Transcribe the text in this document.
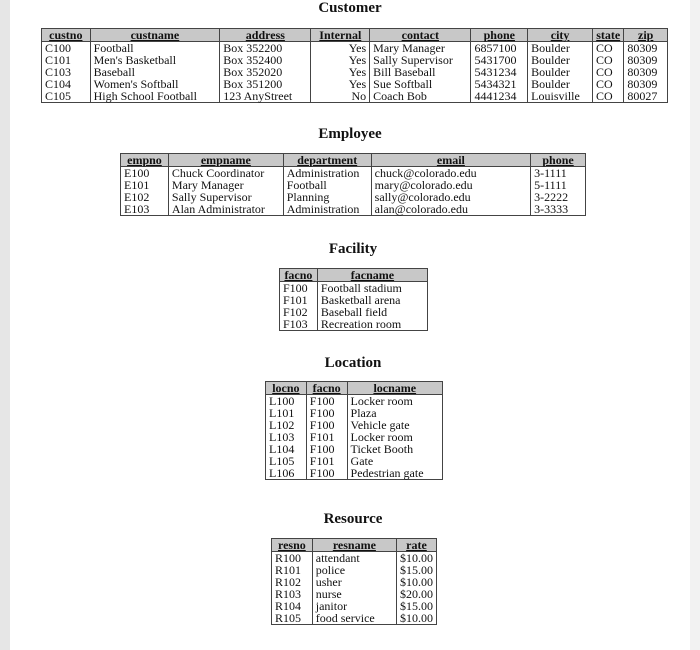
Customer
custno	custname	address	Internal	contact	phone	city	state	zip
C100	Football	Box 352200	Yes	Mary Manager	6857100	Boulder	CO	80309
C101	Men's Basketball	Box 352400	Yes	Sally Supervisor	5431700	Boulder	CO	80309
C103	Baseball	Box 352020	Yes	Bill Baseball	5431234	Boulder	CO	80309
C104	Women's Softball	Box 351200	Yes	Sue Softball	5434321	Boulder	CO	80309
C105	High School Football	123 AnyStreet	No	Coach Bob	4441234	Louisville	CO	80027
Employee
empno	empname	department	email	phone
E100	Chuck Coordinator	Administration	chuck@colorado.edu	3-1111
E101	Mary Manager	Football	mary@colorado.edu	5-1111
E102	Sally Supervisor	Planning	sally@colorado.edu	3-2222
E103	Alan Administrator	Administration	alan@colorado.edu	3-3333
Facility
facno	facname
F100	Football stadium
F101	Basketball arena
F102	Baseball field
F103	Recreation room
Location
locno	facno	locname
L100	F100	Locker room
L101	F100	Plaza
L102	F100	Vehicle gate
L103	F101	Locker room
L104	F100	Ticket Booth
L105	F101	Gate
L106	F100	Pedestrian gate
Resource
resno	resname	rate
R100	attendant	$10.00
R101	police	$15.00
R102	usher	$10.00
R103	nurse	$20.00
R104	janitor	$15.00
R105	food service	$10.00
